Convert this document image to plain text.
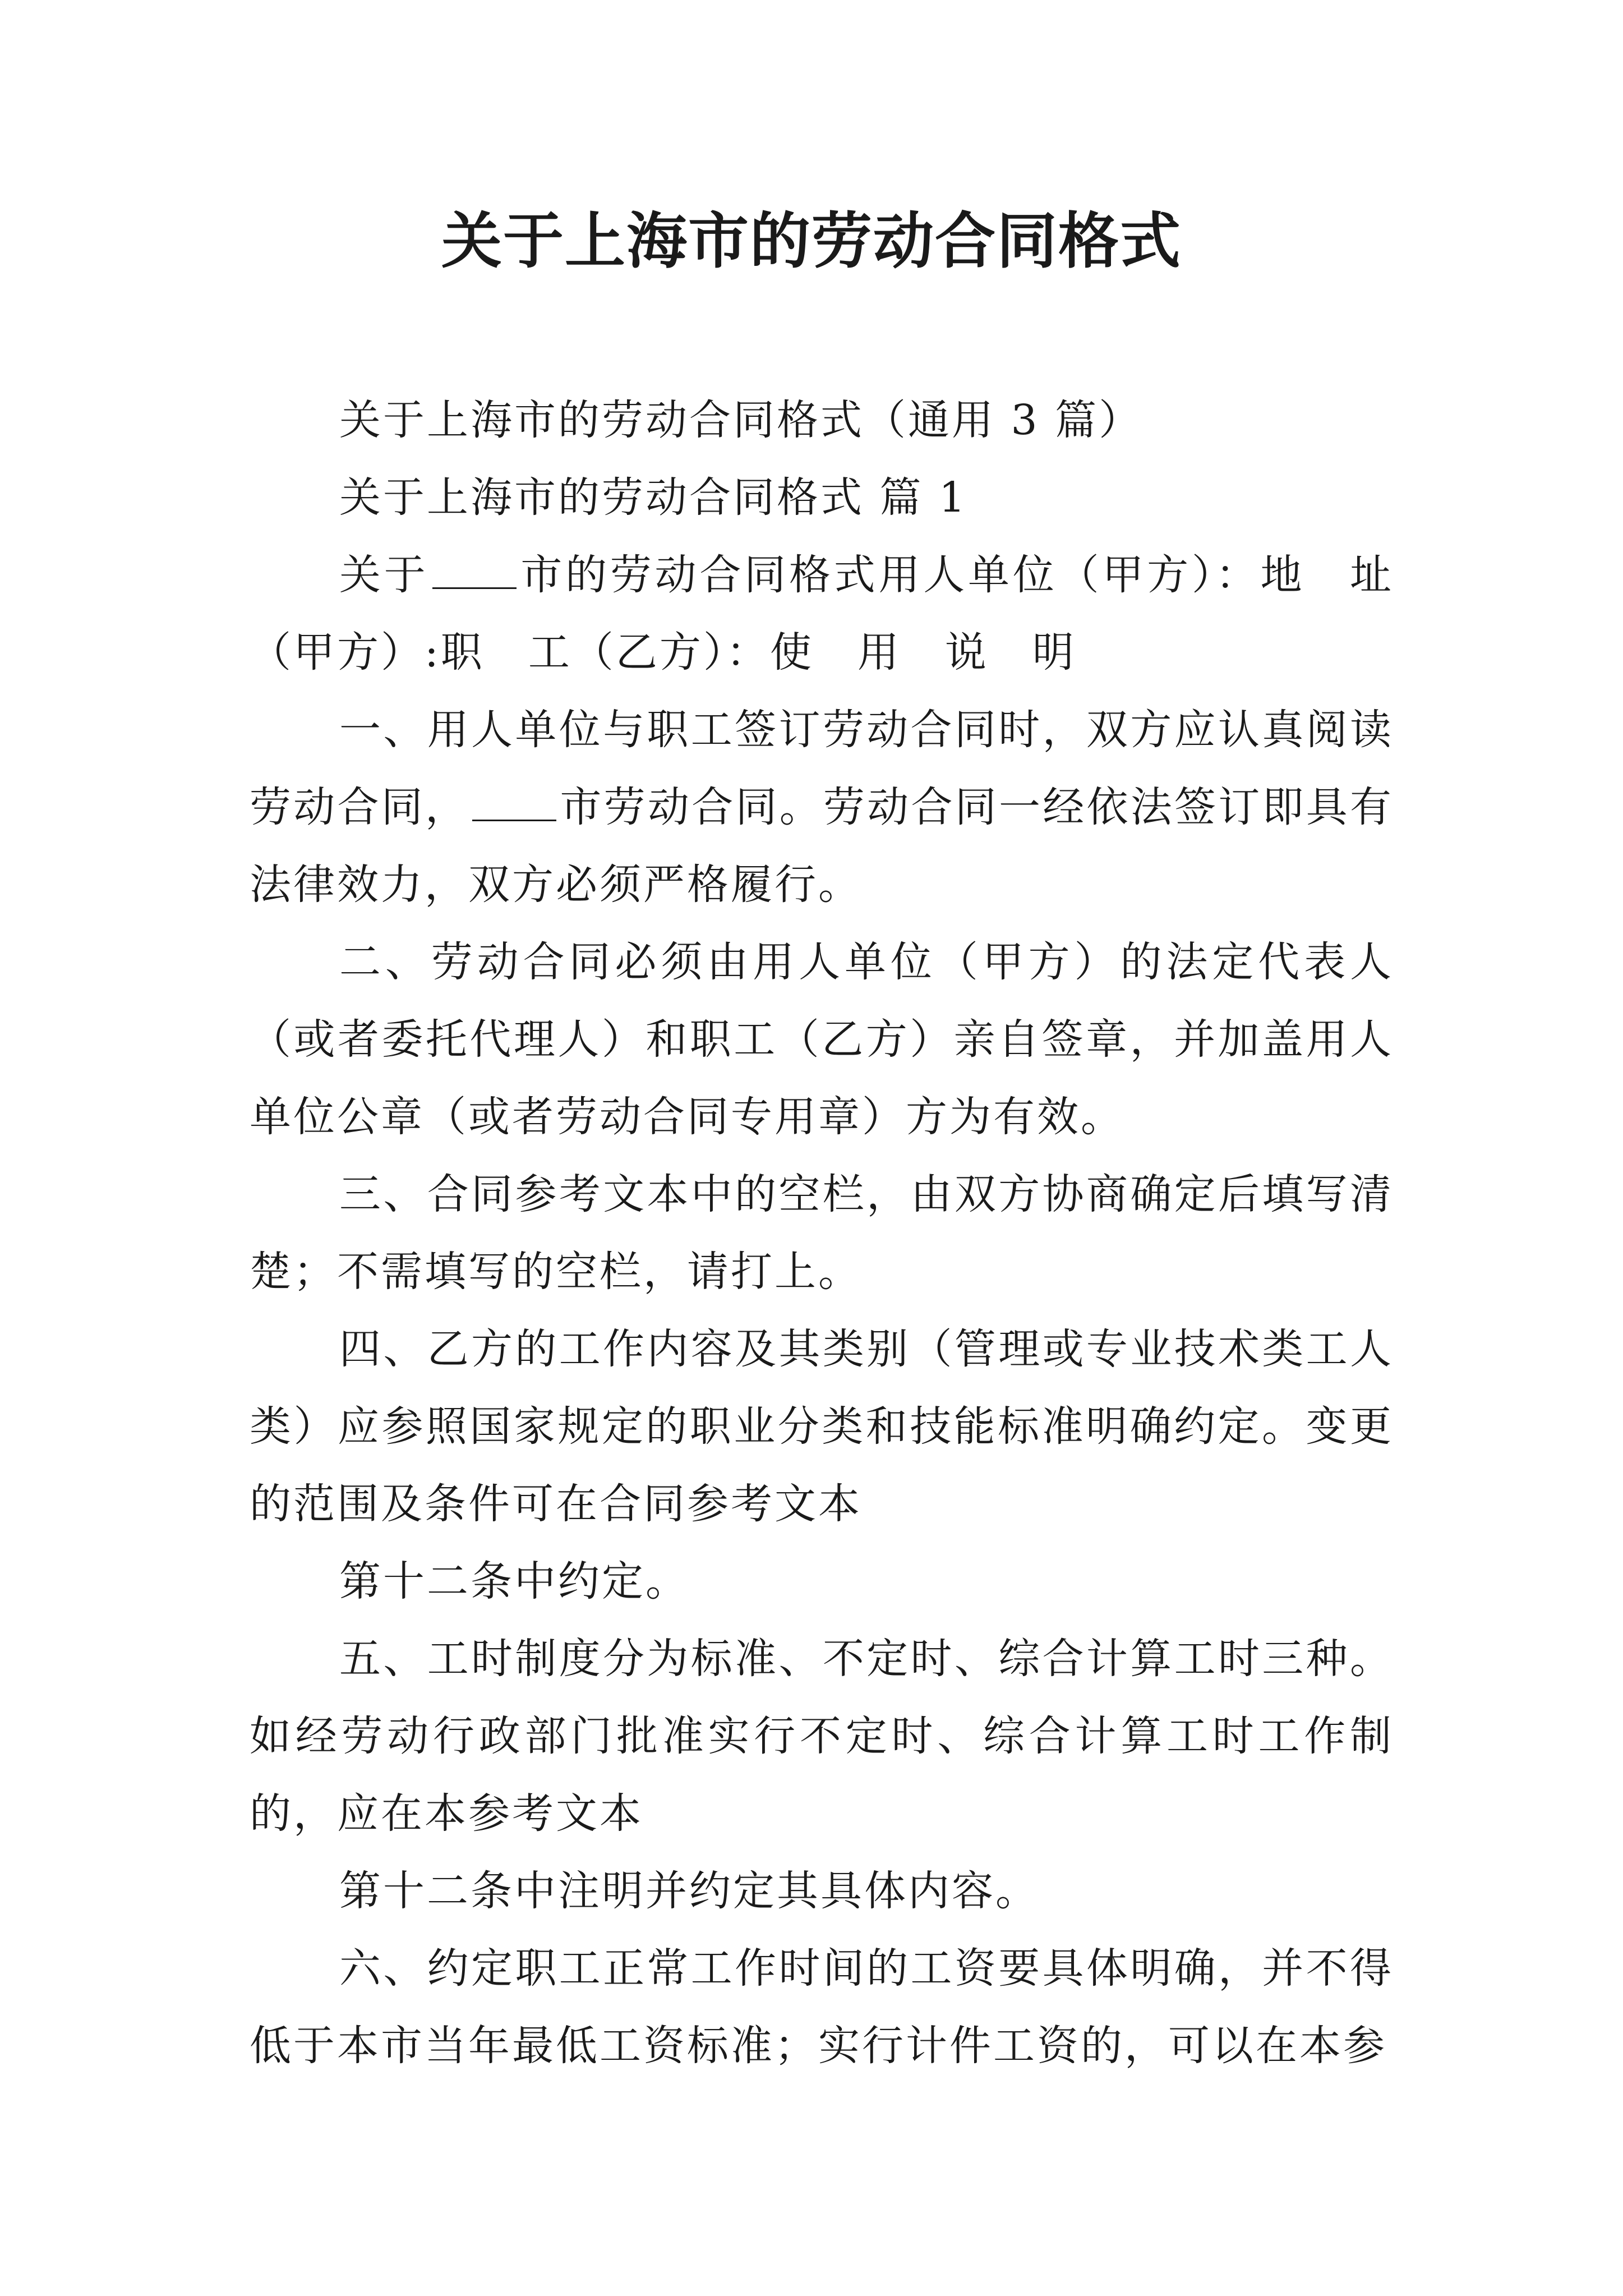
关于上海市的劳动合同格式

关于上海市的劳动合同格式（通用 3 篇）

关于上海市的劳动合同格式 篇 1

关于 市的劳动合同格式用人单位（甲方）：地　址（甲方）:职　工（乙方）：使　用　说　明

一、用人单位与职工签订劳动合同时，双方应认真阅读劳动合同， 市劳动合同。劳动合同一经依法签订即具有法律效力，双方必须严格履行。

二、劳动合同必须由用人单位（甲方）的法定代表人（或者委托代理人）和职工（乙方）亲自签章，并加盖用人单位公章（或者劳动合同专用章）方为有效。

三、合同参考文本中的空栏，由双方协商确定后填写清楚；不需填写的空栏，请打上。

四、乙方的工作内容及其类别（管理或专业技术类工人类）应参照国家规定的职业分类和技能标准明确约定。变更的范围及条件可在合同参考文本

第十二条中约定。

五、工时制度分为标准、不定时、综合计算工时三种。如经劳动行政部门批准实行不定时、综合计算工时工作制的，应在本参考文本

第十二条中注明并约定其具体内容。

六、约定职工正常工作时间的工资要具体明确，并不得低于本市当年最低工资标准；实行计件工资的，可以在本参
